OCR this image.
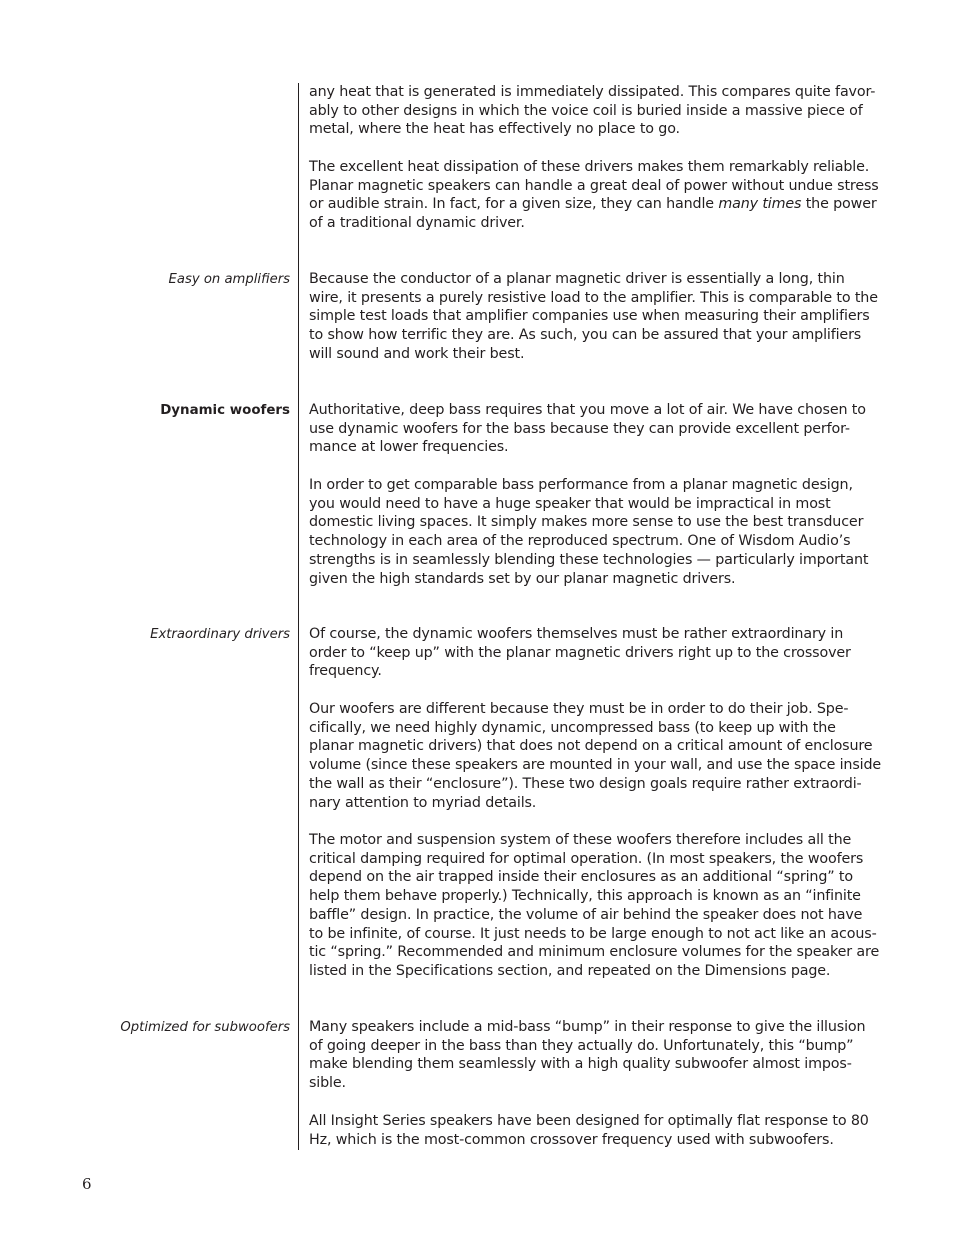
any heat that is generated is immediately dissipated. This compares quite favor-
ably to other designs in which the voice coil is buried inside a massive piece of
metal, where the heat has effectively no place to go.

The excellent heat dissipation of these drivers makes them remarkably reliable.
Planar magnetic speakers can handle a great deal of power without undue stress
or audible strain. In fact, for a given size, they can handle many times the power
of a traditional dynamic driver.

Easy on amplifiers Because the conductor of a planar magnetic driver is essentially a long, thin
wire, it presents a purely resistive load to the amplifier. This is comparable to the
simple test loads that amplifier companies use when measuring their amplifiers
to show how terrific they are. As such, you can be assured that your amplifiers
will sound and work their best.

Dynamic woofers Authoritative, deep bass requires that you move a lot of air. We have chosen to
use dynamic woofers for the bass because they can provide excellent perfor-
mance at lower frequencies.

In order to get comparable bass performance from a planar magnetic design,
you would need to have a huge speaker that would be impractical in most
domestic living spaces. It simply makes more sense to use the best transducer
technology in each area of the reproduced spectrum. One of Wisdom Audio’s
strengths is in seamlessly blending these technologies — particularly important
given the high standards set by our planar magnetic drivers.

Extraordinary drivers Of course, the dynamic woofers themselves must be rather extraordinary in
order to “keep up” with the planar magnetic drivers right up to the crossover
frequency.

Our woofers are different because they must be in order to do their job. Spe-
cifically, we need highly dynamic, uncompressed bass (to keep up with the
planar magnetic drivers) that does not depend on a critical amount of enclosure
volume (since these speakers are mounted in your wall, and use the space inside
the wall as their “enclosure”). These two design goals require rather extraordi-
nary attention to myriad details.

The motor and suspension system of these woofers therefore includes all the
critical damping required for optimal operation. (In most speakers, the woofers
depend on the air trapped inside their enclosures as an additional “spring” to
help them behave properly.) Technically, this approach is known as an “infinite
baffle” design. In practice, the volume of air behind the speaker does not have
to be infinite, of course. It just needs to be large enough to not act like an acous-
tic “spring.” Recommended and minimum enclosure volumes for the speaker are
listed in the Specifications section, and repeated on the Dimensions page.

Optimized for subwoofers Many speakers include a mid-bass “bump” in their response to give the illusion
of going deeper in the bass than they actually do. Unfortunately, this “bump”
make blending them seamlessly with a high quality subwoofer almost impos-
sible.

All Insight Series speakers have been designed for optimally flat response to 80
Hz, which is the most-common crossover frequency used with subwoofers.

6
